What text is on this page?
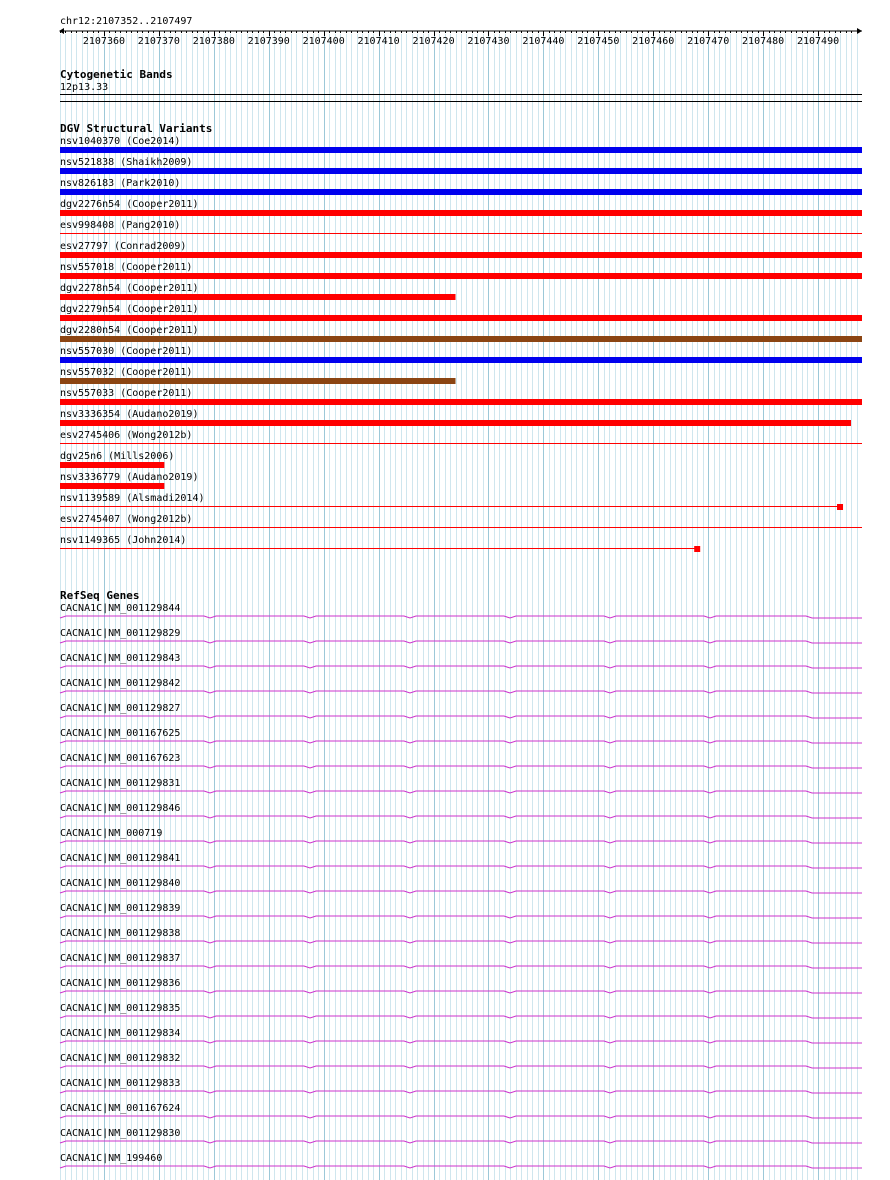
chr12:2107352..2107497
2107360 2107370 2107380 2107390 2107400 2107410 2107420 2107430 2107440 2107450 2107460 2107470 2107480 2107490
Cytogenetic Bands
12p13.33
DGV Structural Variants
nsv1040370 (Coe2014)
nsv521838 (Shaikh2009)
nsv826183 (Park2010)
dgv2276n54 (Cooper2011)
esv998408 (Pang2010)
esv27797 (Conrad2009)
nsv557018 (Cooper2011)
dgv2278n54 (Cooper2011)
dgv2279n54 (Cooper2011)
dgv2280n54 (Cooper2011)
nsv557030 (Cooper2011)
nsv557032 (Cooper2011)
nsv557033 (Cooper2011)
nsv3336354 (Audano2019)
esv2745406 (Wong2012b)
dgv25n6 (Mills2006)
nsv3336779 (Audano2019)
nsv1139589 (Alsmadi2014)
esv2745407 (Wong2012b)
nsv1149365 (John2014)
RefSeq Genes
CACNA1C|NM_001129844
CACNA1C|NM_001129829
CACNA1C|NM_001129843
CACNA1C|NM_001129842
CACNA1C|NM_001129827
CACNA1C|NM_001167625
CACNA1C|NM_001167623
CACNA1C|NM_001129831
CACNA1C|NM_001129846
CACNA1C|NM_000719
CACNA1C|NM_001129841
CACNA1C|NM_001129840
CACNA1C|NM_001129839
CACNA1C|NM_001129838
CACNA1C|NM_001129837
CACNA1C|NM_001129836
CACNA1C|NM_001129835
CACNA1C|NM_001129834
CACNA1C|NM_001129832
CACNA1C|NM_001129833
CACNA1C|NM_001167624
CACNA1C|NM_001129830
CACNA1C|NM_199460
